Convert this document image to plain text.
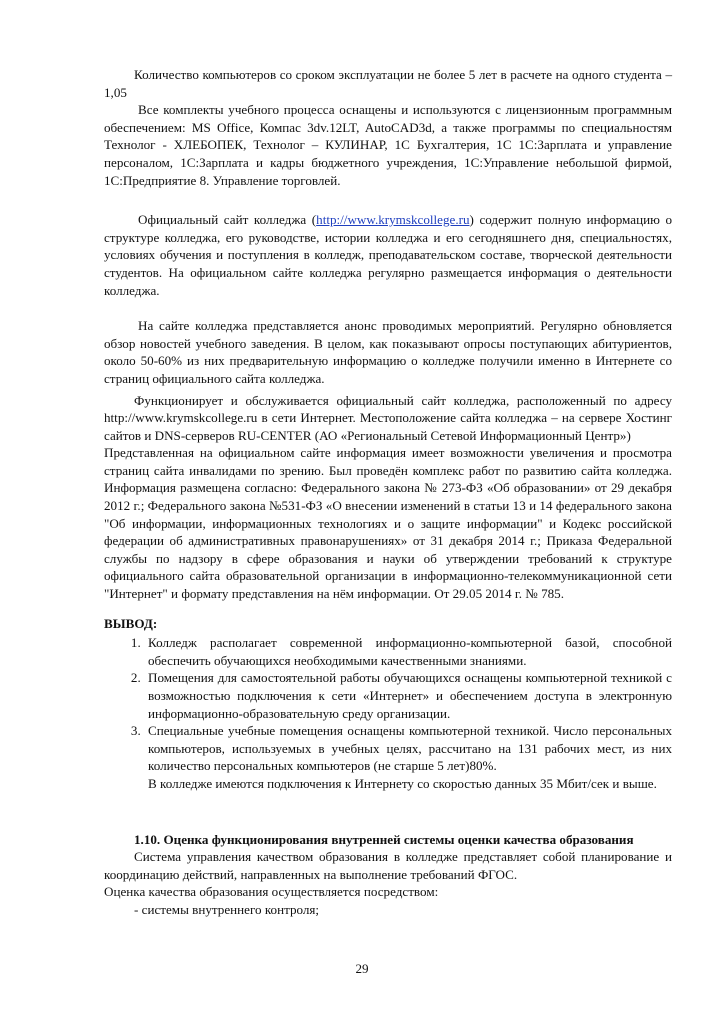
Количество компьютеров со сроком эксплуатации не более 5 лет в расчете на одного студента – 1,05

Все комплекты учебного процесса оснащены и используются с лицензионным программным обеспечением: MS Office, Компас 3dv.12LT, AutoCAD3d, а также программы по специальностям Технолог - ХЛЕБОПЕК, Технолог – КУЛИНАР, 1С Бухгалтерия, 1С 1С:Зарплата и управление персоналом, 1С:Зарплата и кадры бюджетного учреждения, 1С:Управление небольшой фирмой, 1С:Предприятие 8. Управление торговлей.

Официальный сайт колледжа (http://www.krymskcollege.ru) содержит полную информацию о структуре колледжа, его руководстве, истории колледжа и его сегодняшнего дня, специальностях, условиях обучения и поступления в колледж, преподавательском составе, творческой деятельности студентов. На официальном сайте колледжа регулярно размещается информация о деятельности колледжа.

На сайте колледжа представляется анонс проводимых мероприятий. Регулярно обновляется обзор новостей учебного заведения. В целом, как показывают опросы поступающих абитуриентов, около 50-60% из них предварительную информацию о колледже получили именно в Интернете со страниц официального сайта колледжа.

Функционирует и обслуживается официальный сайт колледжа, расположенный по адресу http://www.krymskcollege.ru в сети Интернет. Местоположение сайта колледжа – на сервере Хостинг сайтов и DNS-серверов RU-CENTER (АО «Региональный Сетевой Информационный Центр»)

Представленная на официальном сайте информация имеет возможности увеличения и просмотра страниц сайта инвалидами по зрению. Был проведён комплекс работ по развитию сайта колледжа. Информация размещена согласно: Федерального закона № 273-ФЗ «Об образовании» от 29 декабря 2012 г.; Федерального закона №531-ФЗ «О внесении изменений в статьи 13 и 14 федерального закона "Об информации, информационных технологиях и о защите информации" и Кодекс российской федерации об административных правонарушениях» от 31 декабря 2014 г.; Приказа Федеральной службы по надзору в сфере образования и науки об утверждении требований к структуре официального сайта образовательной организации в информационно-телекоммуникационной сети "Интернет" и формату представления на нём информации. От 29.05 2014 г. № 785.

ВЫВОД:
1. Колледж располагает современной информационно-компьютерной базой, способной обеспечить обучающихся необходимыми качественными знаниями.
2. Помещения для самостоятельной работы обучающихся оснащены компьютерной техникой с возможностью подключения к сети «Интернет» и обеспечением доступа в электронную информационно-образовательную среду организации.
3. Специальные учебные помещения оснащены компьютерной техникой. Число персональных компьютеров, используемых в учебных целях, рассчитано на 131 рабочих мест, из них количество персональных компьютеров (не старше 5 лет)80%.
В колледже имеются подключения к Интернету со скоростью данных 35 Мбит/сек и выше.

1.10. Оценка функционирования внутренней системы оценки качества образования

Система управления качеством образования в колледже представляет собой планирование и координацию действий, направленных на выполнение требований ФГОС.

Оценка качества образования осуществляется посредством:

- системы внутреннего контроля;

29
